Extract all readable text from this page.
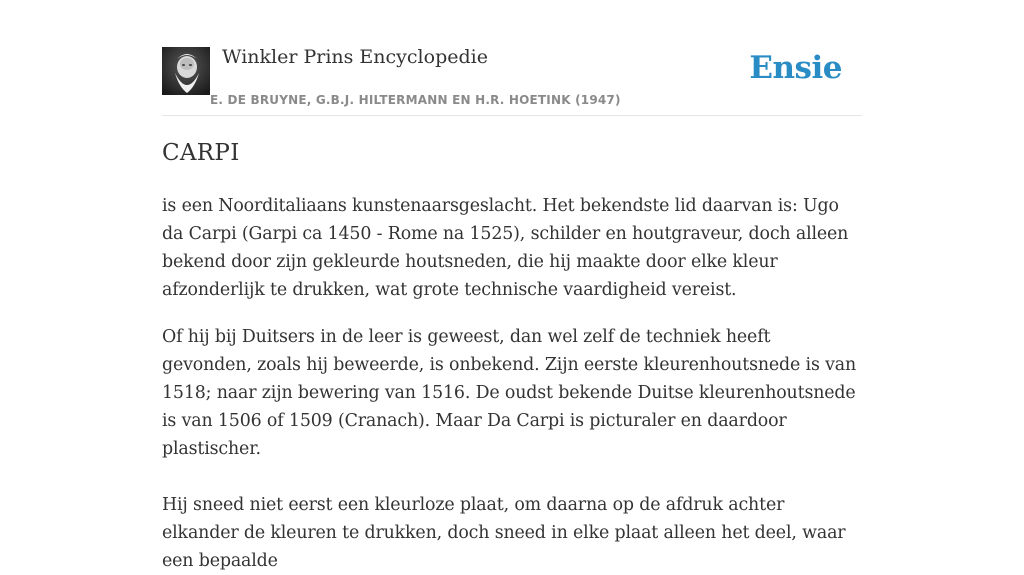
Winkler Prins Encyclopedie
E. DE BRUYNE, G.B.J. HILTERMANN EN H.R. HOETINK (1947)
Ensie
CARPI

is een Noorditaliaans kunstenaarsgeslacht. Het bekendste lid daarvan is: Ugo da Carpi (Garpi ca 1450 - Rome na 1525), schilder en houtgraveur, doch alleen bekend door zijn gekleurde houtsneden, die hij maakte door elke kleur afzonderlijk te drukken, wat grote technische vaardigheid vereist.

Of hij bij Duitsers in de leer is geweest, dan wel zelf de techniek heeft gevonden, zoals hij beweerde, is onbekend. Zijn eerste kleurenhoutsnede is van 1518; naar zijn bewering van 1516. De oudst bekende Duitse kleurenhoutsnede is van 1506 of 1509 (Cranach). Maar Da Carpi is picturaler en daardoor plastischer.

Hij sneed niet eerst een kleurloze plaat, om daarna op de afdruk achter elkander de kleuren te drukken, doch sneed in elke plaat alleen het deel, waar een bepaalde
